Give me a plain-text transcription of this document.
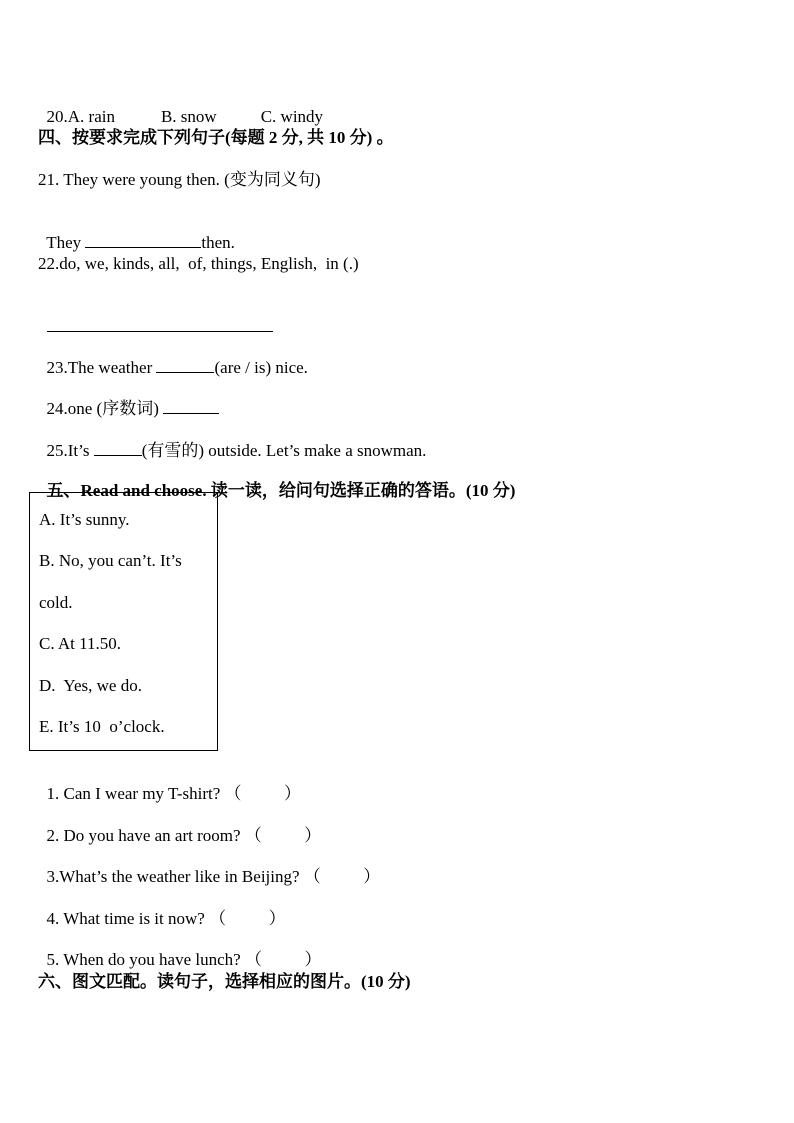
20.A. rain	B. snow	C. windy

四、按要求完成下列句子(每题 2 分, 共 10 分) 。
21. They were young then. (变为同义句)

They	then.

22.do, we, kinds, all,  of, things, English,  in (.)

23.The weather	(are / is) nice.

24.one (序数词)

25.It’s	(有雪的) outside. Let’s make a snowman.

五、Read and choose. 读一读，给问句选择正确的答语。(10 分)

A. It’s sunny.
B. No, you can’t. It’s
cold.
C. At 11.50.
D.  Yes, we do.
E. It’s 10  o’clock.

1. Can I wear my T-shirt? （          ）

2. Do you have an art room? （          ）

3.What’s the weather like in Beijing? （          ）

4. What time is it now? （          ）

5. When do you have lunch? （          ）

六、图文匹配。读句子，选择相应的图片。(10 分)
